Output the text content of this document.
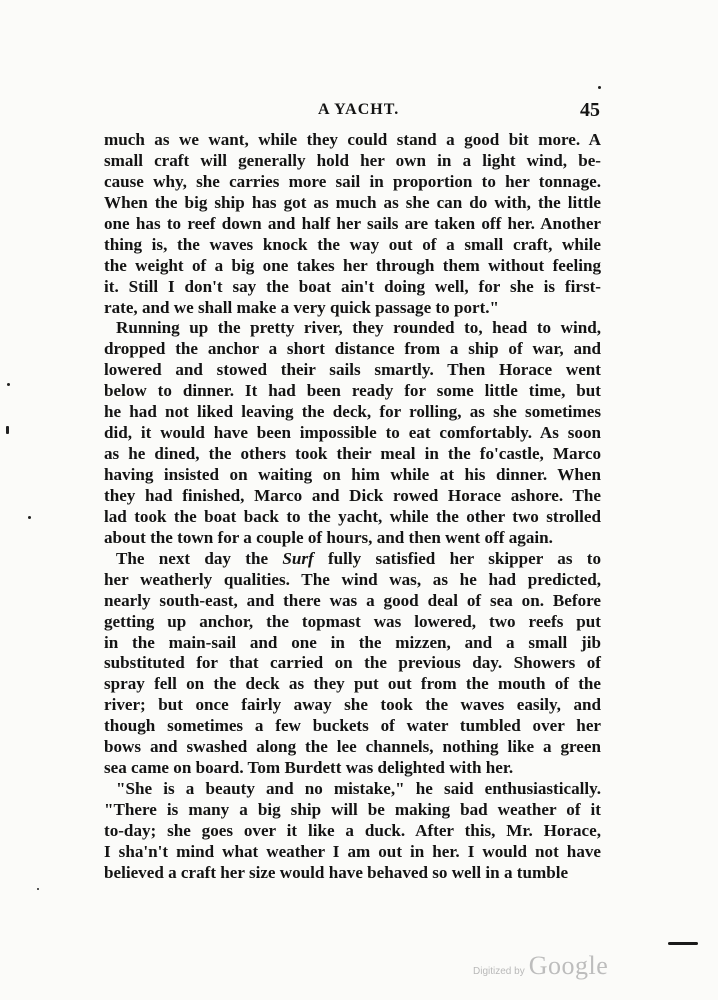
A YACHT.	45
much as we want, while they could stand a good bit more. A
small craft will generally hold her own in a light wind, be-
cause why, she carries more sail in proportion to her tonnage.
When the big ship has got as much as she can do with, the little
one has to reef down and half her sails are taken off her. Another
thing is, the waves knock the way out of a small craft, while
the weight of a big one takes her through them without feeling
it. Still I don't say the boat ain't doing well, for she is first-
rate, and we shall make a very quick passage to port."
Running up the pretty river, they rounded to, head to wind,
dropped the anchor a short distance from a ship of war, and
lowered and stowed their sails smartly. Then Horace went
below to dinner. It had been ready for some little time, but
he had not liked leaving the deck, for rolling, as she sometimes
did, it would have been impossible to eat comfortably. As soon
as he dined, the others took their meal in the fo'castle, Marco
having insisted on waiting on him while at his dinner. When
they had finished, Marco and Dick rowed Horace ashore. The
lad took the boat back to the yacht, while the other two strolled
about the town for a couple of hours, and then went off again.
The next day the Surf fully satisfied her skipper as to
her weatherly qualities. The wind was, as he had predicted,
nearly south-east, and there was a good deal of sea on. Before
getting up anchor, the topmast was lowered, two reefs put
in the main-sail and one in the mizzen, and a small jib
substituted for that carried on the previous day. Showers of
spray fell on the deck as they put out from the mouth of the
river; but once fairly away she took the waves easily, and
though sometimes a few buckets of water tumbled over her
bows and swashed along the lee channels, nothing like a green
sea came on board. Tom Burdett was delighted with her.
"She is a beauty and no mistake," he said enthusiastically.
"There is many a big ship will be making bad weather of it
to-day; she goes over it like a duck. After this, Mr. Horace,
I sha'n't mind what weather I am out in her. I would not have
believed a craft her size would have behaved so well in a tumble
Digitized by Google
